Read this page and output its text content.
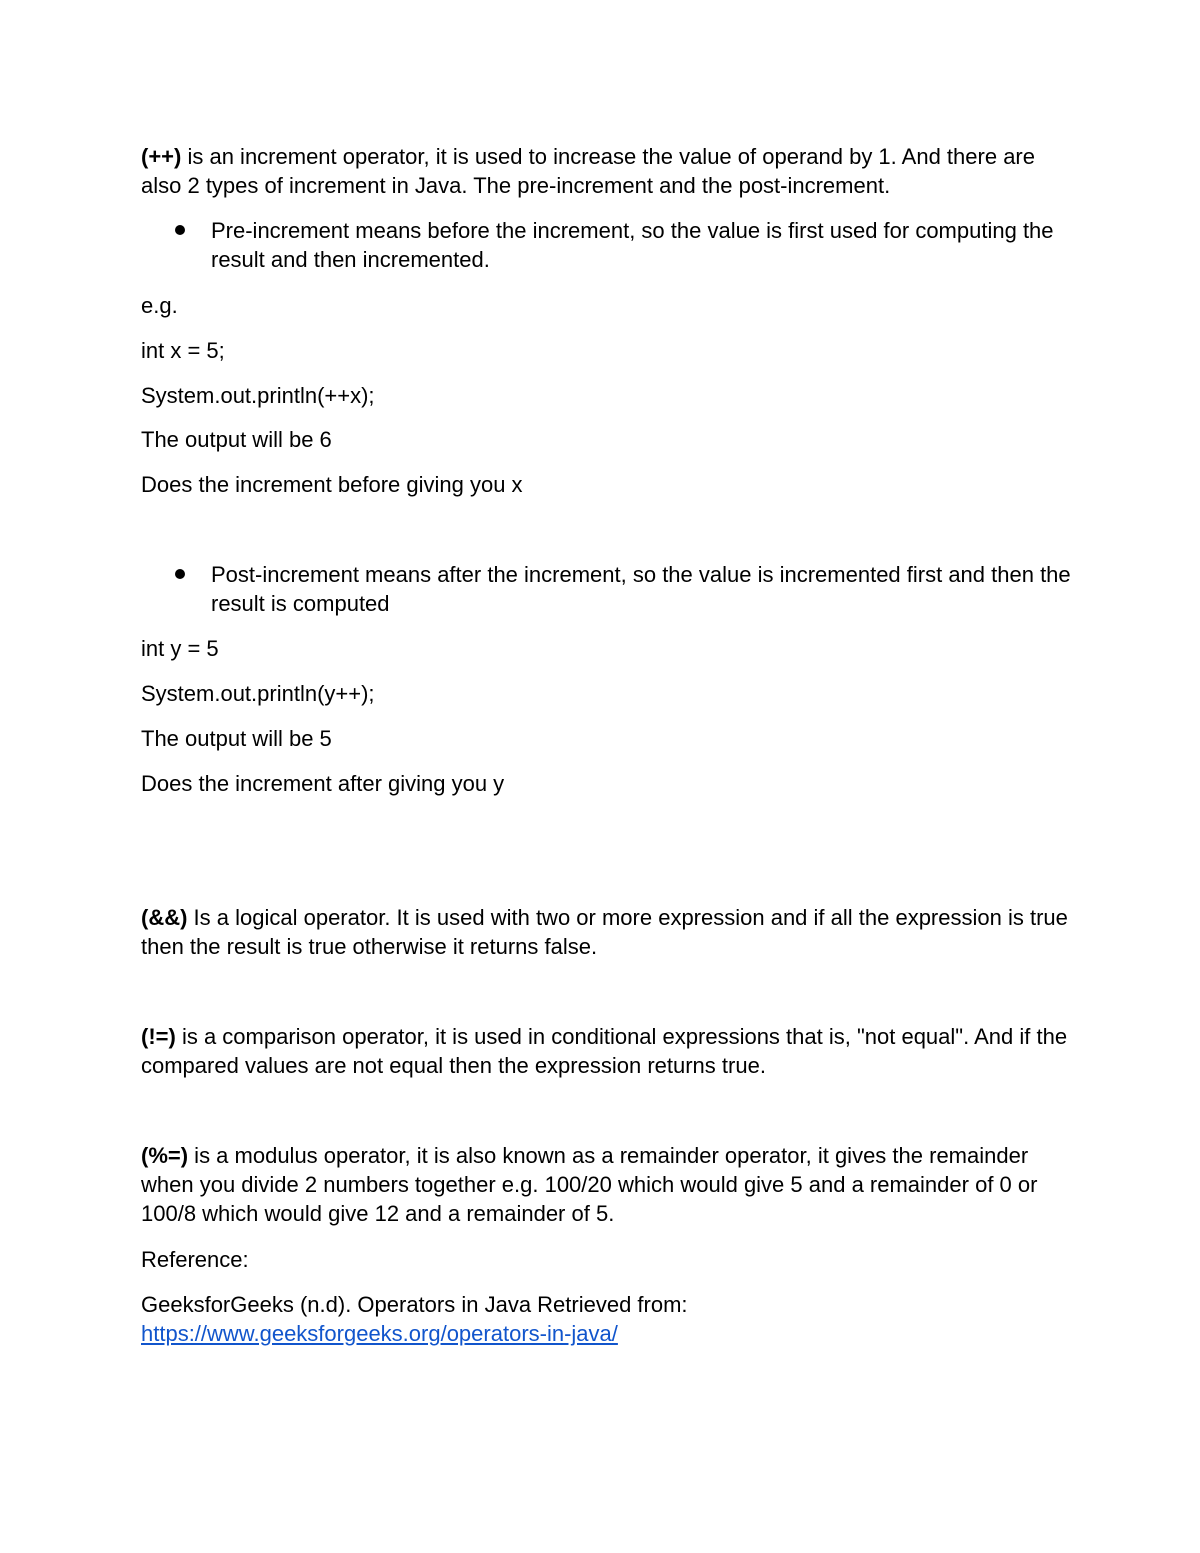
(++) is an increment operator, it is used to increase the value of operand by 1. And there are also 2 types of increment in Java. The pre-increment and the post-increment.

Pre-increment means before the increment, so the value is first used for computing the result and then incremented.

e.g.

int x = 5;

System.out.println(++x);

The output will be 6

Does the increment before giving you x

Post-increment means after the increment, so the value is incremented first and then the result is computed

int y = 5

System.out.println(y++);

The output will be 5

Does the increment after giving you y

(&&) Is a logical operator. It is used with two or more expression and if all the expression is true then the result is true otherwise it returns false.

(!=) is a comparison operator, it is used in conditional expressions that is, "not equal". And if the compared values are not equal then the expression returns true.

(%=) is a modulus operator, it is also known as a remainder operator, it gives the remainder when you divide 2 numbers together e.g. 100/20 which would give 5 and a remainder of 0 or 100/8 which would give 12 and a remainder of 5.

Reference:

GeeksforGeeks (n.d). Operators in Java Retrieved from:
https://www.geeksforgeeks.org/operators-in-java/
